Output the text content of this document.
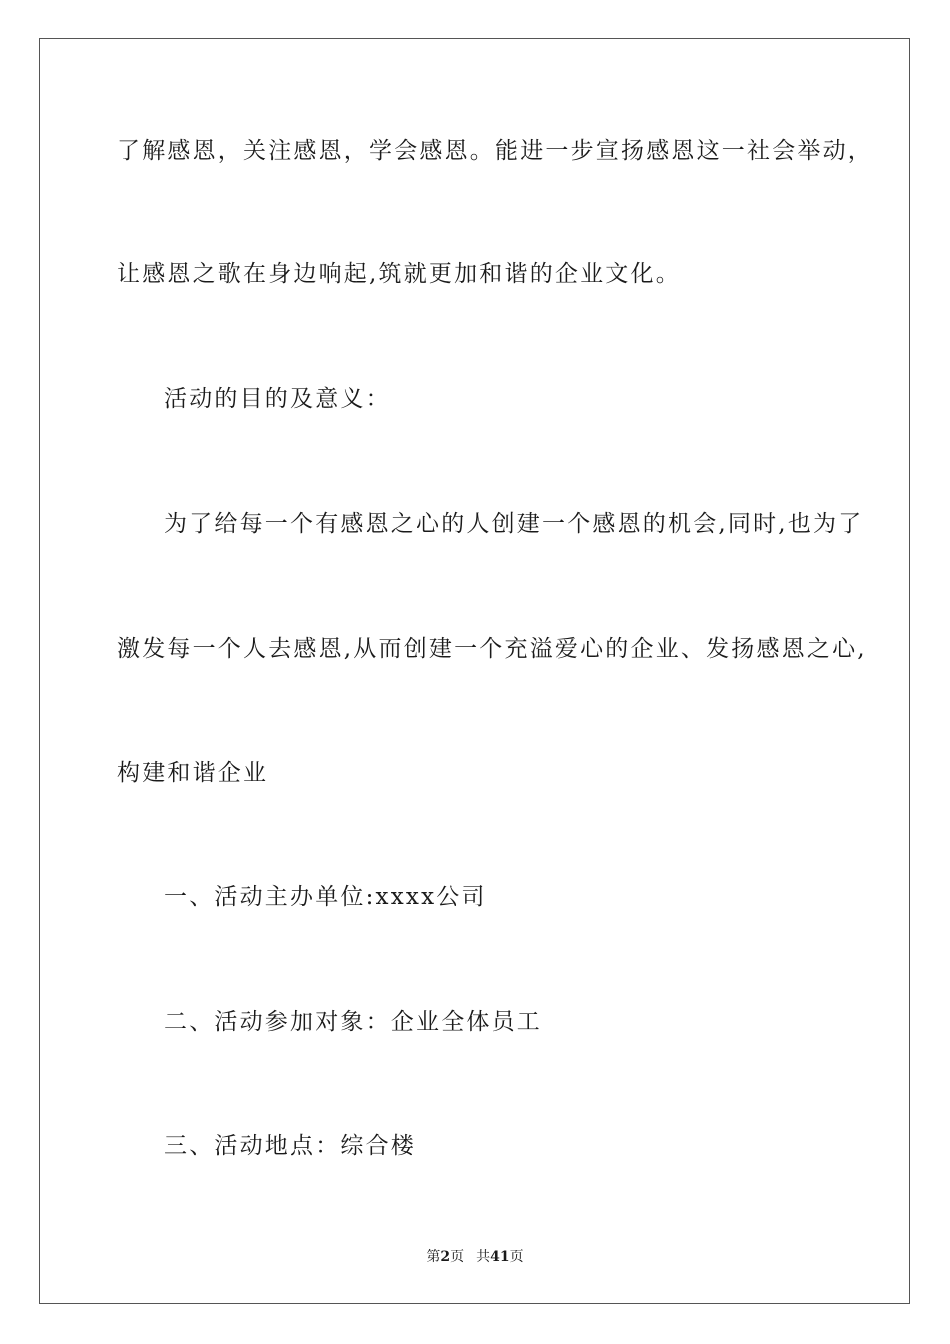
了解感恩，关注感恩，学会感恩。能进一步宣扬感恩这一社会举动，
让感恩之歌在身边响起,筑就更加和谐的企业文化。
活动的目的及意义：
为了给每一个有感恩之心的人创建一个感恩的机会,同时,也为了
激发每一个人去感恩,从而创建一个充溢爱心的企业、发扬感恩之心,
构建和谐企业
一、活动主办单位:xxxx公司
二、活动参加对象：企业全体员工
三、活动地点：综合楼
第2页 共41页
